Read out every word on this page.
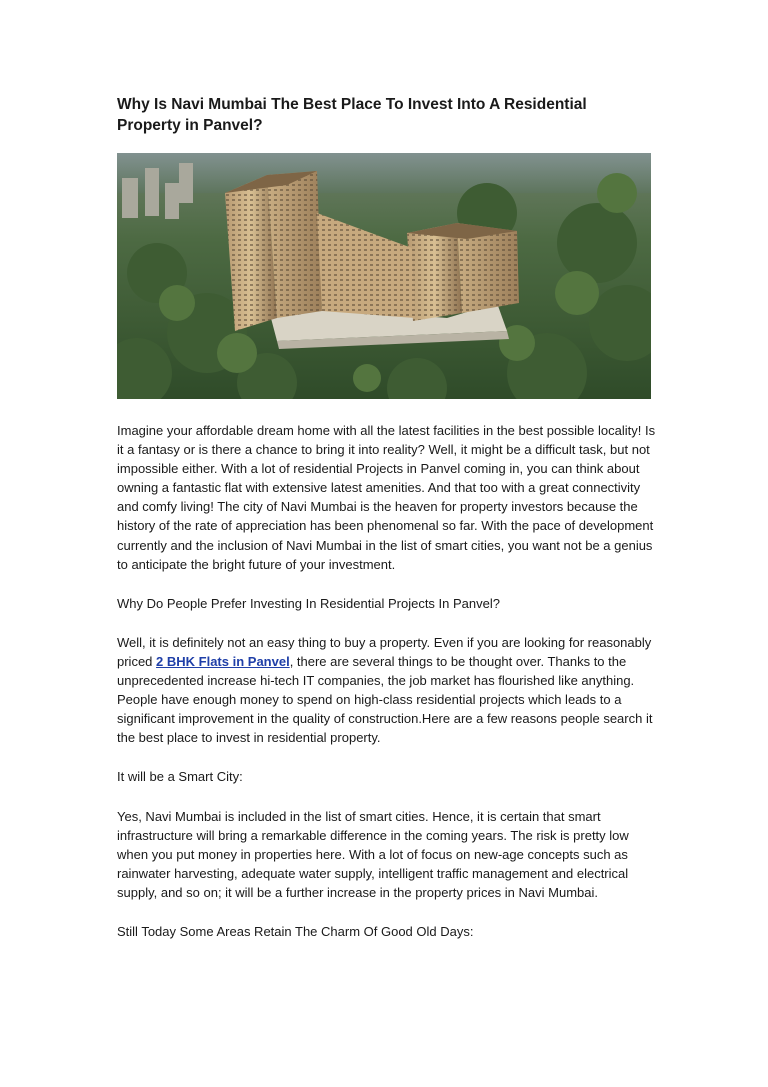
Why Is Navi Mumbai The Best Place To Invest Into A Residential Property in Panvel?

Imagine your affordable dream home with all the latest facilities in the best possible locality! Is it a fantasy or is there a chance to bring it into reality? Well, it might be a difficult task, but not impossible either. With a lot of residential Projects in Panvel coming in, you can think about owning a fantastic flat with extensive latest amenities. And that too with a great connectivity and comfy living! The city of Navi Mumbai is the heaven for property investors because the history of the rate of appreciation has been phenomenal so far. With the pace of development currently and the inclusion of Navi Mumbai in the list of smart cities, you want not be a genius to anticipate the bright future of your investment.

Why Do People Prefer Investing In Residential Projects In Panvel?

Well, it is definitely not an easy thing to buy a property. Even if you are looking for reasonably priced 2 BHK Flats in Panvel, there are several things to be thought over. Thanks to the unprecedented increase hi-tech IT companies, the job market has flourished like anything. People have enough money to spend on high-class residential projects which leads to a significant improvement in the quality of construction.Here are a few reasons people search it the best place to invest in residential property.

It will be a Smart City:

Yes, Navi Mumbai is included in the list of smart cities. Hence, it is certain that smart infrastructure will bring a remarkable difference in the coming years. The risk is pretty low when you put money in properties here. With a lot of focus on new-age concepts such as rainwater harvesting, adequate water supply, intelligent traffic management and electrical supply, and so on; it will be a further increase in the property prices in Navi Mumbai.

Still Today Some Areas Retain The Charm Of Good Old Days:
